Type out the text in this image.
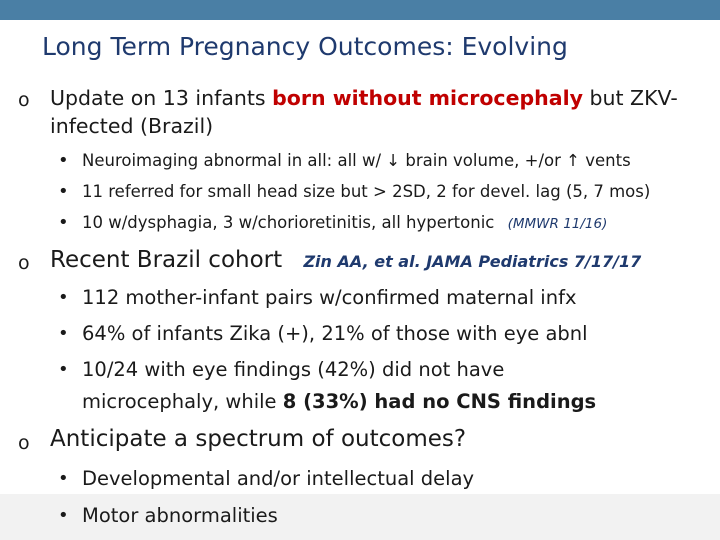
Long Term Pregnancy Outcomes: Evolving
o Update on 13 infants born without microcephaly but ZKV-
infected (Brazil)
• Neuroimaging abnormal in all: all w/ ↓ brain volume, +/or ↑ vents
• 11 referred for small head size but > 2SD, 2 for devel. lag (5, 7 mos)
• 10 w/dysphagia, 3 w/chorioretinitis, all hypertonic (MMWR 11/16)
o Recent Brazil cohort Zin AA, et al. JAMA Pediatrics 7/17/17
• 112 mother-infant pairs w/confirmed maternal infx
• 64% of infants Zika (+), 21% of those with eye abnl
• 10/24 with eye findings (42%) did not have
microcephaly, while 8 (33%) had no CNS findings
o Anticipate a spectrum of outcomes?
• Developmental and/or intellectual delay
• Motor abnormalities
